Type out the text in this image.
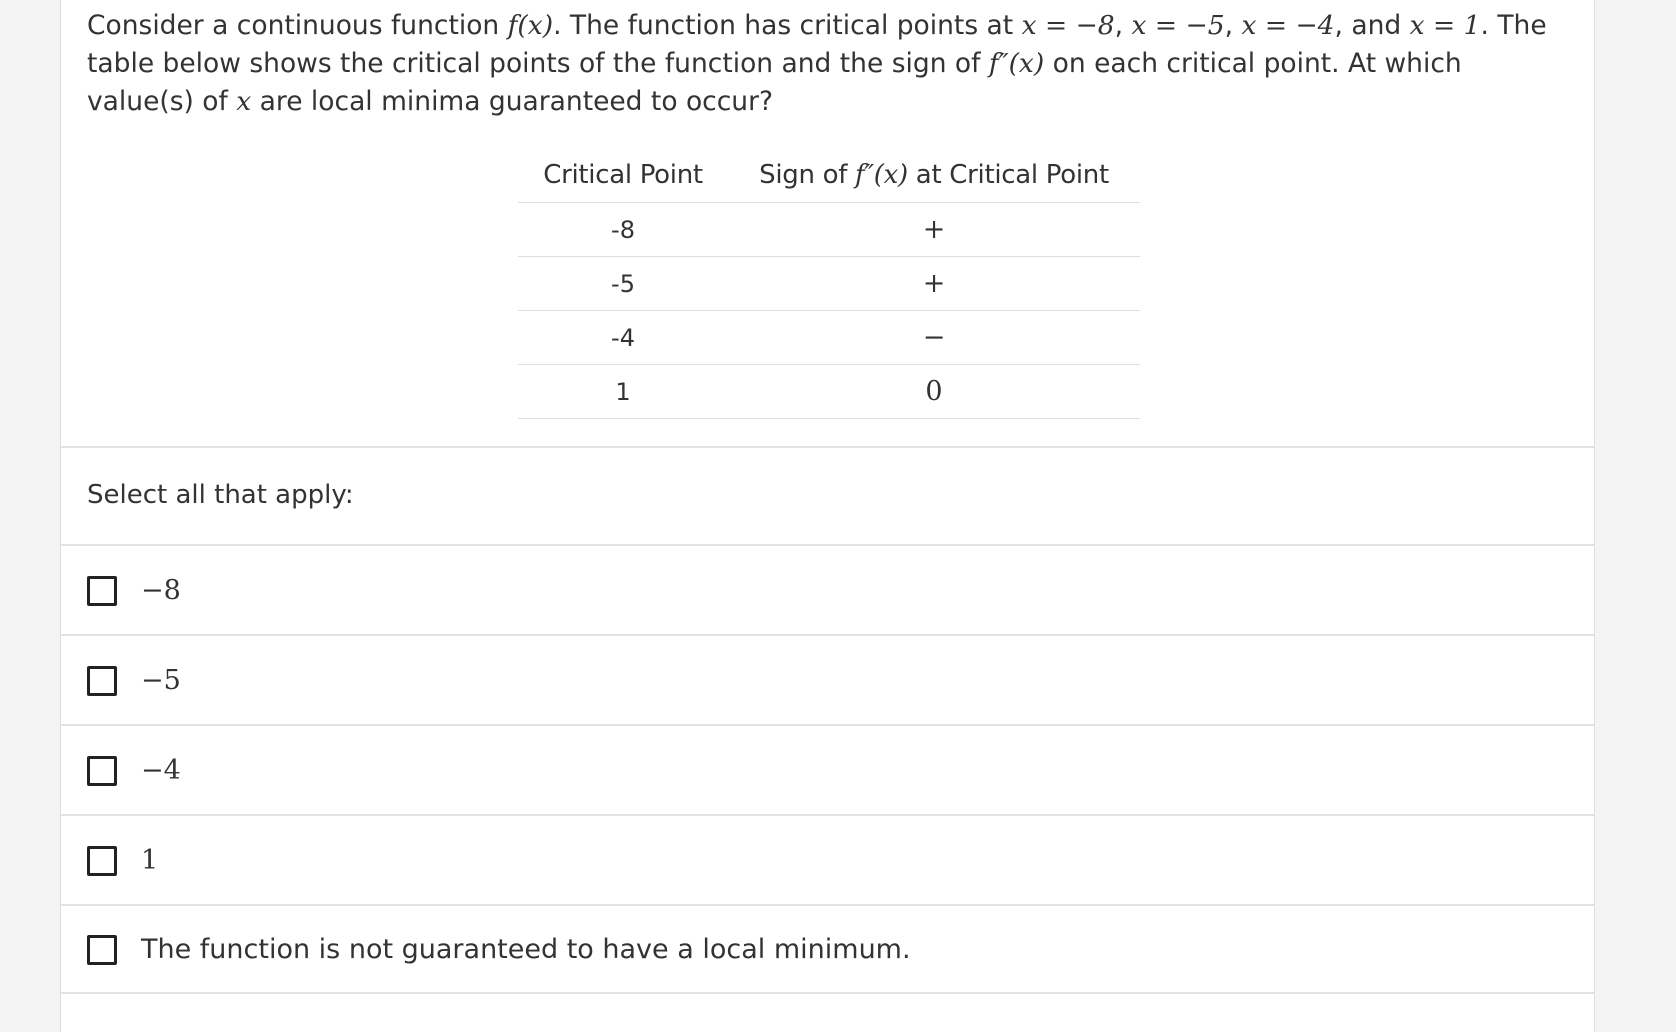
Consider a continuous function f(x). The function has critical points at x = −8, x = −5, x = −4, and x = 1. The table below shows the critical points of the function and the sign of f″(x) on each critical point. At which value(s) of x are local minima guaranteed to occur?
Critical Point	Sign of f″(x) at Critical Point
-8	+
-5	+
-4	−
1	0
Select all that apply:
−8
−5
−4
1
The function is not guaranteed to have a local minimum.
